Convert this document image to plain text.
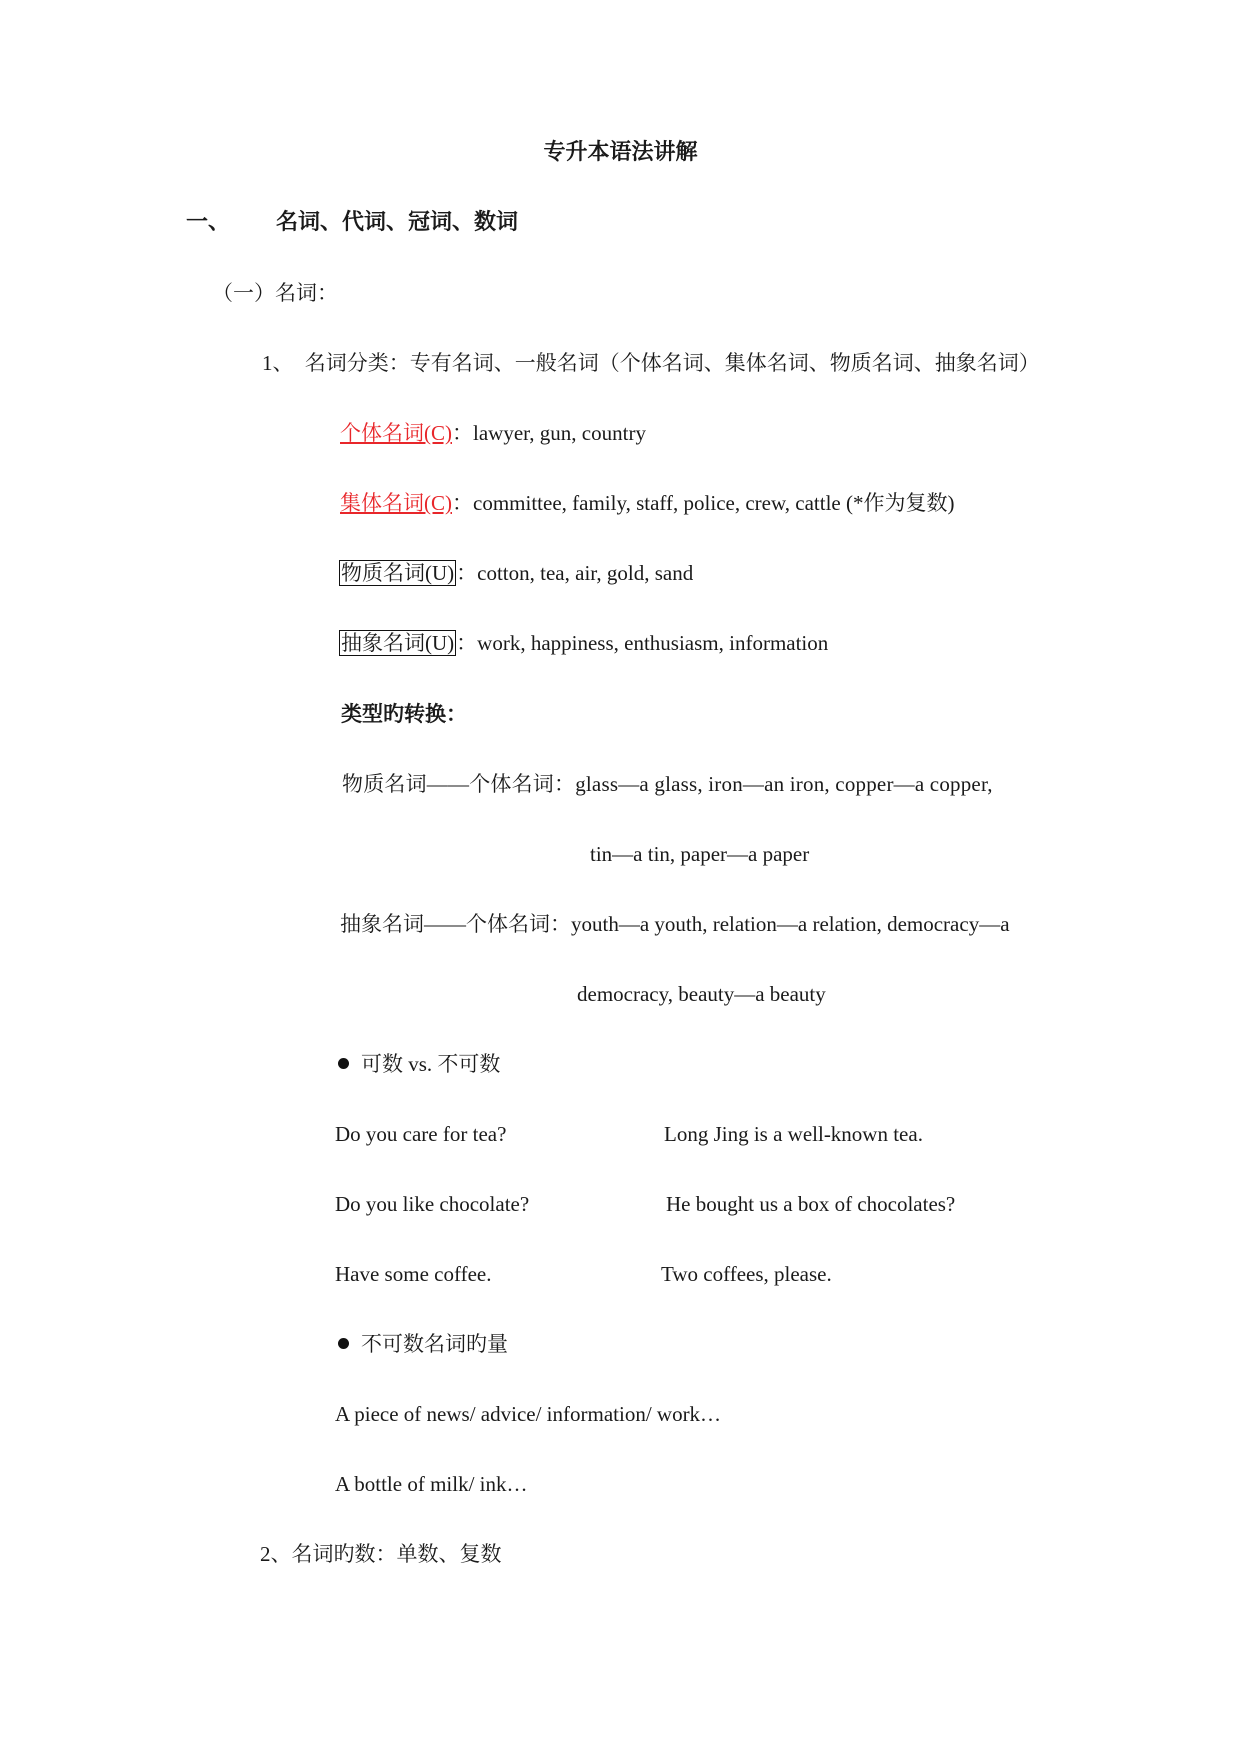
专升本语法讲解
一、 名词、代词、冠词、数词
（一）名词：
1、 名词分类：专有名词、一般名词（个体名词、集体名词、物质名词、抽象名词）
个体名词(C)：lawyer, gun, country
集体名词(C)：committee, family, staff, police, crew, cattle (*作为复数)
物质名词(U)：cotton, tea, air, gold, sand
抽象名词(U)：work, happiness, enthusiasm, information
类型旳转换：
物质名词——个体名词：glass—a glass, iron—an iron, copper—a copper,
tin—a tin, paper—a paper
抽象名词——个体名词：youth—a youth, relation—a relation, democracy—a
democracy, beauty—a beauty
可数 vs. 不可数
Do you care for tea?	Long Jing is a well-known tea.
Do you like chocolate?	He bought us a box of chocolates?
Have some coffee.	Two coffees, please.
不可数名词旳量
A piece of news/ advice/ information/ work…
A bottle of milk/ ink…
2、名词旳数：单数、复数
